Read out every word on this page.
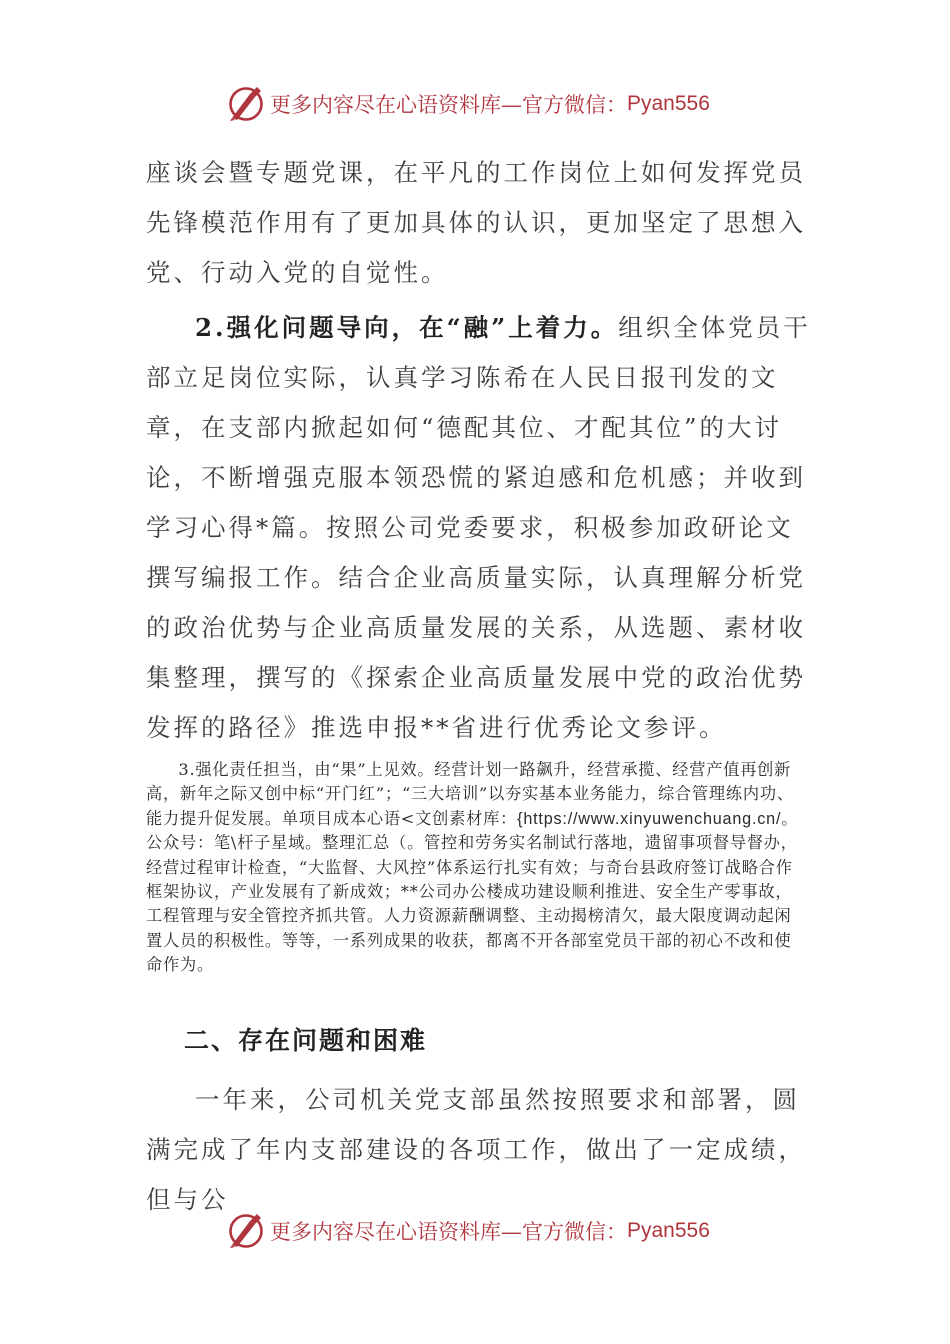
更多内容尽在心语资料库—官方微信： Pyan556

座谈会暨专题党课，在平凡的工作岗位上如何发挥党员先锋模范作用有了更加具体的认识，更加坚定了思想入党、行动入党的自觉性。

2.强化问题导向，在“融”上着力。组织全体党员干部立足岗位实际，认真学习陈希在人民日报刊发的文章，在支部内掀起如何“德配其位、才配其位”的大讨论，不断增强克服本领恐慌的紧迫感和危机感；并收到学习心得*篇。按照公司党委要求，积极参加政研论文撰写编报工作。结合企业高质量实际，认真理解分析党的政治优势与企业高质量发展的关系，从选题、素材收集整理，撰写的《探索企业高质量发展中党的政治优势发挥的路径》推选申报**省进行优秀论文参评。

3.强化责任担当，由“果”上见效。经营计划一路飙升，经营承揽、经营产值再创新高，新年之际又创中标“开门红”；“三大培训”以夯实基本业务能力，综合管理练内功、能力提升促发展。单项目成本心语<文创素材库：{https://www.xinyuwenchuang.cn/。公众号：笔\杆子星域。整理汇总（。管控和劳务实名制试行落地，遗留事项督导督办，经营过程审计检查，“大监督、大风控”体系运行扎实有效；与奇台县政府签订战略合作框架协议，产业发展有了新成效；**公司办公楼成功建设顺利推进、安全生产零事故，工程管理与安全管控齐抓共管。人力资源薪酬调整、主动揭榜清欠，最大限度调动起闲置人员的积极性。等等，一系列成果的收获，都离不开各部室党员干部的初心不改和使命作为。

二、存在问题和困难

一年来，公司机关党支部虽然按照要求和部署，圆满完成了年内支部建设的各项工作，做出了一定成绩，但与公

更多内容尽在心语资料库—官方微信： Pyan556
